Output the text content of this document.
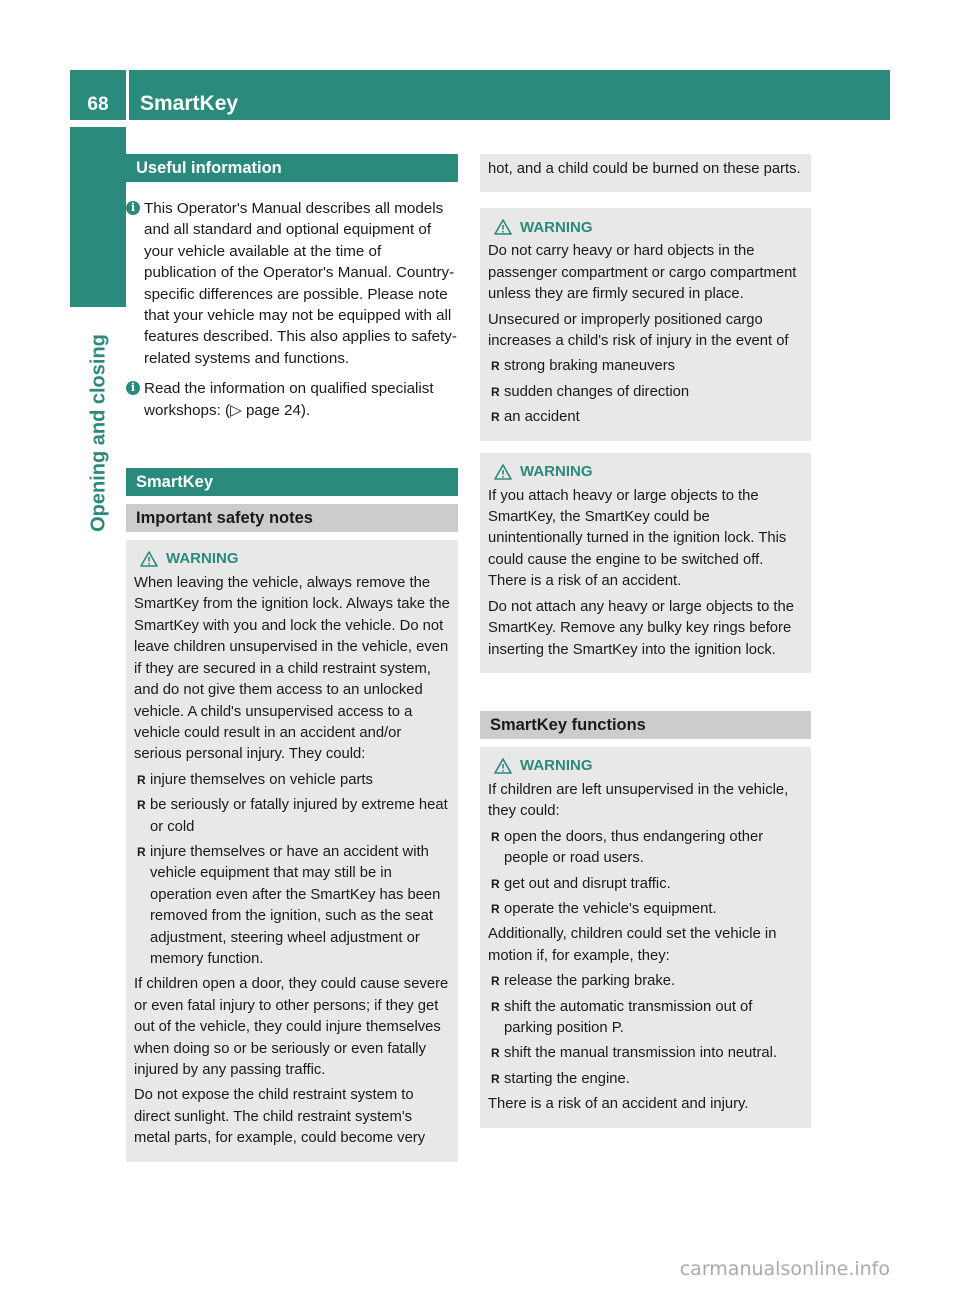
68	SmartKey
Opening and closing
Useful information
i This Operator's Manual describes all models and all standard and optional equipment of your vehicle available at the time of publication of the Operator's Manual. Country-specific differences are possible. Please note that your vehicle may not be equipped with all features described. This also applies to safety-related systems and functions.
i Read the information on qualified specialist workshops: (▷ page 24).
SmartKey
Important safety notes
WARNING

When leaving the vehicle, always remove the SmartKey from the ignition lock. Always take the SmartKey with you and lock the vehicle. Do not leave children unsupervised in the vehicle, even if they are secured in a child restraint system, and do not give them access to an unlocked vehicle. A child's unsupervised access to a vehicle could result in an accident and/or serious personal injury. They could:

R injure themselves on vehicle parts
R be seriously or fatally injured by extreme heat or cold
R injure themselves or have an accident with vehicle equipment that may still be in operation even after the SmartKey has been removed from the ignition, such as the seat adjustment, steering wheel adjustment or memory function.

If children open a door, they could cause severe or even fatal injury to other persons; if they get out of the vehicle, they could injure themselves when doing so or be seriously or even fatally injured by any passing traffic.

Do not expose the child restraint system to direct sunlight. The child restraint system's metal parts, for example, could become very

hot, and a child could be burned on these parts.

WARNING

Do not carry heavy or hard objects in the passenger compartment or cargo compartment unless they are firmly secured in place.

Unsecured or improperly positioned cargo increases a child's risk of injury in the event of

R strong braking maneuvers
R sudden changes of direction
R an accident
WARNING

If you attach heavy or large objects to the SmartKey, the SmartKey could be unintentionally turned in the ignition lock. This could cause the engine to be switched off. There is a risk of an accident.

Do not attach any heavy or large objects to the SmartKey. Remove any bulky key rings before inserting the SmartKey into the ignition lock.

SmartKey functions
WARNING

If children are left unsupervised in the vehicle, they could:

R open the doors, thus endangering other people or road users.
R get out and disrupt traffic.
R operate the vehicle's equipment.

Additionally, children could set the vehicle in motion if, for example, they:

R release the parking brake.
R shift the automatic transmission out of parking position P.
R shift the manual transmission into neutral.
R starting the engine.

There is a risk of an accident and injury.

carmanualsonline.info
